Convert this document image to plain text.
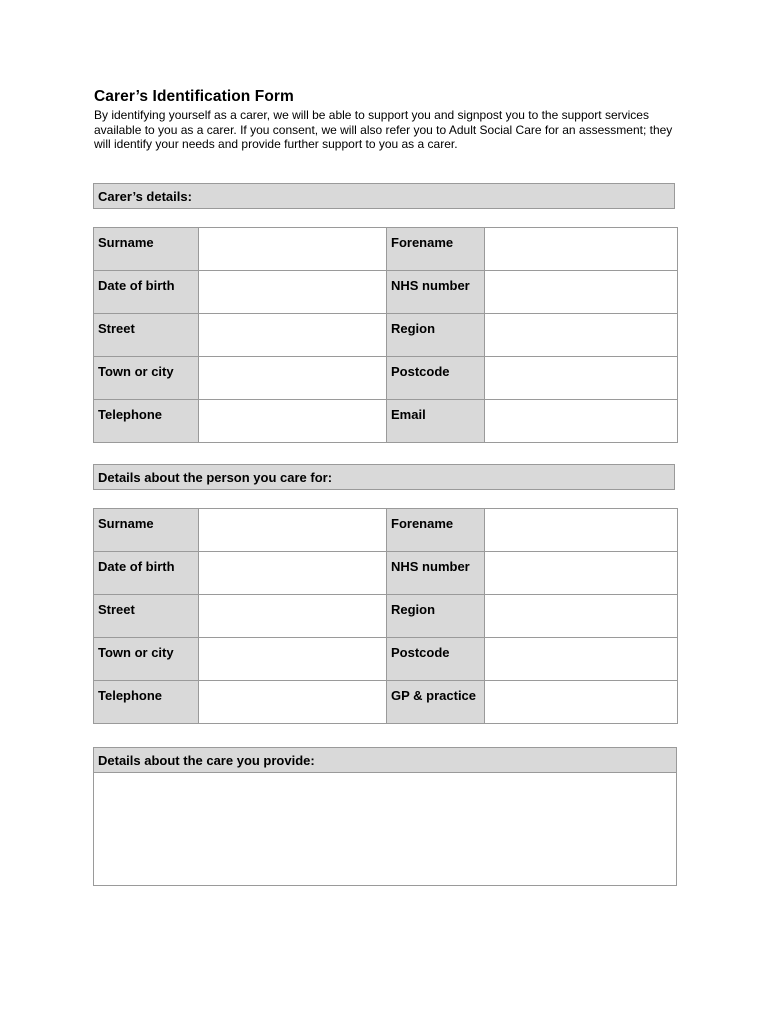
Carer’s Identification Form
By identifying yourself as a carer, we will be able to support you and signpost you to the support services available to you as a carer. If you consent, we will also refer you to Adult Social Care for an assessment; they will identify your needs and provide further support to you as a carer.
Carer’s details:
Surname		Forename	
Date of birth		NHS number	
Street		Region	
Town or city		Postcode	
Telephone		Email	
Details about the person you care for:
Surname		Forename	
Date of birth		NHS number	
Street		Region	
Town or city		Postcode	
Telephone		GP & practice	
Details about the care you provide:
